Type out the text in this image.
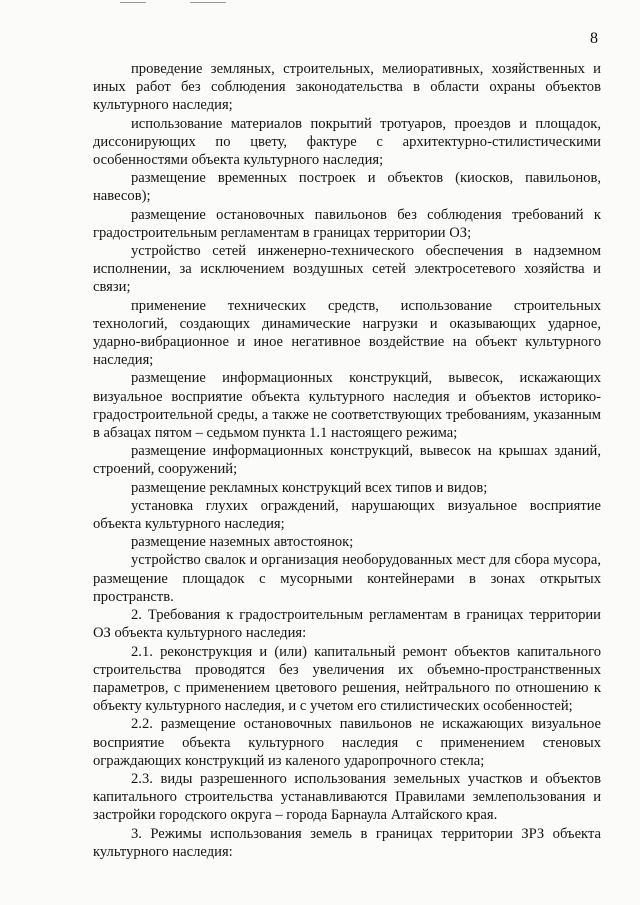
8

проведение земляных, строительных, мелиоративных, хозяйственных и иных работ без соблюдения законодательства в области охраны объектов культурного наследия;

использование материалов покрытий тротуаров, проездов и площадок, диссонирующих по цвету, фактуре с архитектурно-стилистическими особенностями объекта культурного наследия;

размещение временных построек и объектов (киосков, павильонов, навесов);

размещение остановочных павильонов без соблюдения требований к градостроительным регламентам в границах территории ОЗ;

устройство сетей инженерно-технического обеспечения в надземном исполнении, за исключением воздушных сетей электросетевого хозяйства и связи;

применение технических средств, использование строительных технологий, создающих динамические нагрузки и оказывающих ударное, ударно-вибрационное и иное негативное воздействие на объект культурного наследия;

размещение информационных конструкций, вывесок, искажающих визуальное восприятие объекта культурного наследия и объектов историко-градостроительной среды, а также не соответствующих требованиям, указанным в абзацах пятом – седьмом пункта 1.1 настоящего режима;

размещение информационных конструкций, вывесок на крышах зданий, строений, сооружений;

размещение рекламных конструкций всех типов и видов;

установка глухих ограждений, нарушающих визуальное восприятие объекта культурного наследия;

размещение наземных автостоянок;

устройство свалок и организация необорудованных мест для сбора мусора, размещение площадок с мусорными контейнерами в зонах открытых пространств.

2. Требования к градостроительным регламентам в границах территории ОЗ объекта культурного наследия:

2.1. реконструкция и (или) капитальный ремонт объектов капитального строительства проводятся без увеличения их объемно-пространственных параметров, с применением цветового решения, нейтрального по отношению к объекту культурного наследия, и с учетом его стилистических особенностей;

2.2. размещение остановочных павильонов не искажающих визуальное восприятие объекта культурного наследия с применением стеновых ограждающих конструкций из каленого ударопрочного стекла;

2.3. виды разрешенного использования земельных участков и объектов капитального строительства устанавливаются Правилами землепользования и застройки городского округа – города Барнаула Алтайского края.

3. Режимы использования земель в границах территории ЗРЗ объекта культурного наследия:
